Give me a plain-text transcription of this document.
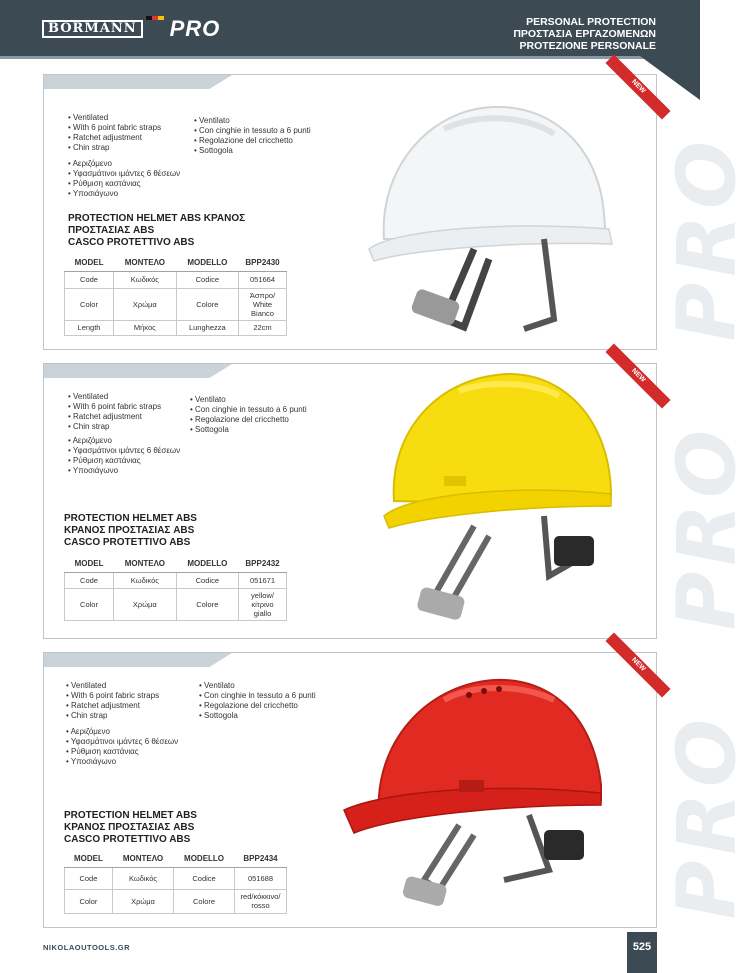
BORMANN PRO	PERSONAL PROTECTION
ΠΡΟΣΤΑΣΙΑ ΕΡΓΑΖΟΜΕΝΩΝ
PROTEZIONE PERSONALE
PRO
NEW
• Ventilated
• With 6 point fabric straps
• Ratchet adjustment
• Chin strap
• Ventilato
• Con cinghie in tessuto a 6 punti
• Regolazione del cricchetto
• Sottogola
• Αεριζόμενο
• Υφασμάτινοι ιμάντες 6 θέσεων
• Ρύθμιση καστάνιας
• Υποσιάγωνο
PROTECTION HELMET ABS ΚΡΑΝΟΣ
ΠΡΟΣΤΑΣΙΑΣ ABS
CASCO PROTETTIVO ABS
MODEL	ΜΟΝΤΕΛΟ	MODELLO	BPP2430
Code	Κωδικός	Codice	051664
Color	Χρώμα	Colore	Άσπρο/ White Bianco
Length	Μήκος	Lunghezza	22cm
PRO
NEW
• Ventilated
• With 6 point fabric straps
• Ratchet adjustment
• Chin strap
• Ventilato
• Con cinghie in tessuto a 6 punti
• Regolazione del cricchetto
• Sottogola
• Αεριζόμενο
• Υφασμάτινοι ιμάντες 6 θέσεων
• Ρύθμιση καστάνιας
• Υποσιάγωνο
PROTECTION HELMET ABS
ΚΡΑΝΟΣ ΠΡΟΣΤΑΣΙΑΣ ABS
CASCO PROTETTIVO ABS
MODEL	ΜΟΝΤΕΛΟ	MODELLO	BPP2432
Code	Κωδικός	Codice	051671
Color	Χρώμα	Colore	yellow/ κίτρινο giallo
PRO
NEW
• Ventilated
• With 6 point fabric straps
• Ratchet adjustment
• Chin strap
• Ventilato
• Con cinghie in tessuto a 6 punti
• Regolazione del cricchetto
• Sottogola
• Αεριζόμενο
• Υφασμάτινοι ιμάντες 6 θέσεων
• Ρύθμιση καστάνιας
• Υποσιάγωνο
PROTECTION HELMET ABS
ΚΡΑΝΟΣ ΠΡΟΣΤΑΣΙΑΣ ABS
CASCO PROTETTIVO ABS
MODEL	ΜΟΝΤΕΛΟ	MODELLO	BPP2434
Code	Κωδικός	Codice	051688
Color	Χρώμα	Colore	red/κόκκινο/ rosso
NIKOLAOUTOOLS.GR	525
